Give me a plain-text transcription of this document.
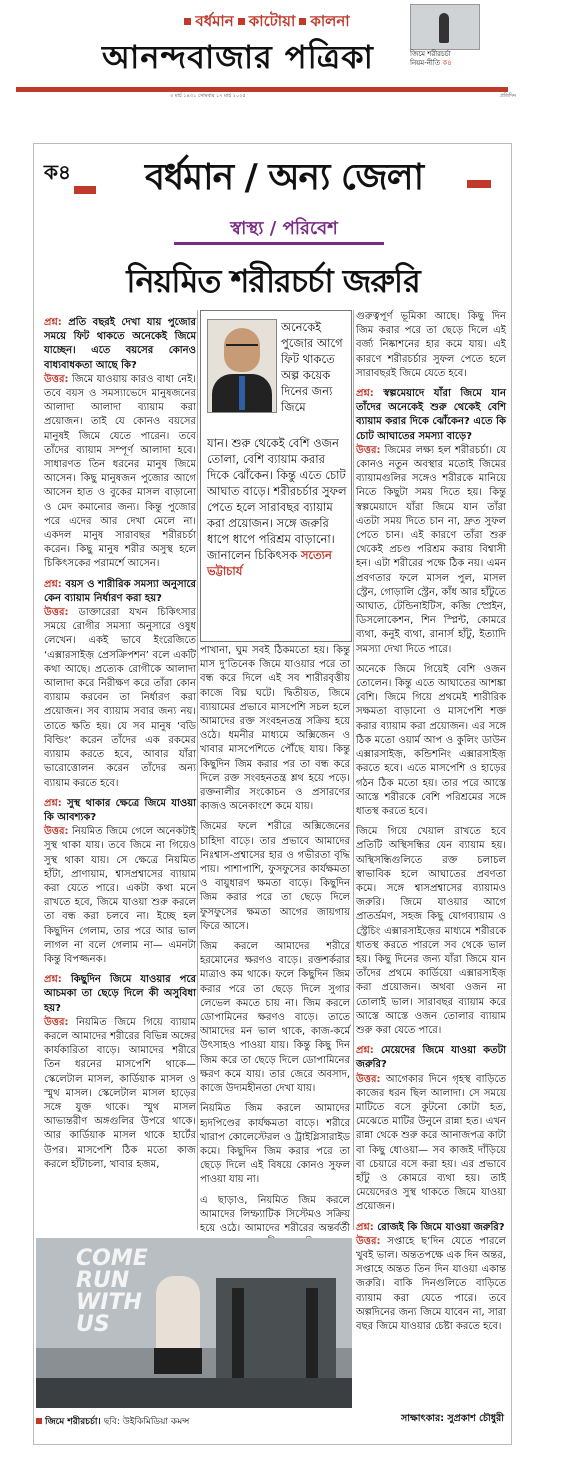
বর্ধমান কাটোয়া কালনা
আনন্দবাজার পত্রিকা	জিমে শরীরচর্চা
নিয়ম-নীতি ক৪
৩ মার্চ ১৪৩১ সোমবার ১৭ মার্চ ২০২৫	প্রতিদিন
ক৪	বর্ধমান / অন্য জেলা
স্বাস্থ্য / পরিবেশ
নিয়মিত শরীরচর্চা জরুরি

প্রশ্ন: প্রতি বছরই দেখা যায় পুজোর সময়ে ফিট থাকতে অনেকেই জিমে যাচ্ছেন। এতে বয়সের কোনও বাধ্যবাধকতা আছে কি?
উত্তর: জিমে যাওয়ায় কারও বাধা নেই। তবে বয়স ও সমস্যাভেদে মানুষজনের আলাদা আলাদা ব্যায়াম করা প্রয়োজন। তাই যে কোনও বয়সের মানুষই জিমে যেতে পারেন। তবে তাঁদের ব্যায়াম সম্পূর্ণ আলাদা হবে। সাধারণত তিন ধরনের মানুষ জিমে আসেন। কিছু মানুষজন পুজোর আগে আসেন হাত ও বুকের মাসল বাড়ানো ও মেদ কমানোর জন্য। কিন্তু পুজোর পরে এদের আর দেখা মেলে না। একদল মানুষ সারাবছর শরীরচর্চা করেন। কিছু মানুষ শরীর অসুস্থ হলে চিকিৎসকের পরামর্শে আসেন।

প্রশ্ন: বয়স ও শারীরিক সমস্যা অনুসারে কেন ব্যায়াম নির্ধারণ করা হয়?
উত্তর: ডাক্তারেরা যখন চিকিৎসার সময়ে রোগীর সমস্যা অনুসারে ওষুধ লেখেন। একই ভাবে ইংরেজিতে ‘এক্সারসাইজ় প্রেসক্রিপশন’ বলে একটি কথা আছে। প্রত্যেক রোগীকে আলাদা আলাদা করে নিরীক্ষণ করে তাঁরা কোন ব্যায়াম করবেন তা নির্ধারণ করা প্রয়োজন। সব ব্যায়াম সবার জন্য নয়। তাতে ক্ষতি হয়। যে সব মানুষ ‘বডি বিল্ডিং’ করেন তাঁদের এক রকমের ব্যায়াম করতে হবে, আবার যাঁরা ভারোত্তোলন করেন তাঁদের অন্য ব্যায়াম করতে হবে।

প্রশ্ন: সুস্থ থাকার ক্ষেত্রে জিমে যাওয়া কি আবশ্যক?
উত্তর: নিয়মিত জিমে গেলে অনেকটাই সুস্থ থাকা যায়। তবে জিমে না গিয়েও সুস্থ থাকা যায়। সে ক্ষেত্রে নিয়মিত হাঁটা, প্রাণায়াম, শ্বাসপ্রশ্বাসের ব্যায়াম করা যেতে পারে। একটা কথা মনে রাখতে হবে, জিমে যাওয়া শুরু করলে তা বন্ধ করা চলবে না। ইচ্ছে হল কিছুদিন গেলাম, তার পরে আর ভাল লাগল না বলে গেলাম না— এমনটা কিন্তু বিপজ্জনক।

প্রশ্ন: কিছুদিন জিমে যাওয়ার পরে আচমকা তা ছেড়ে দিলে কী অসুবিধা হয়?
উত্তর: নিয়মিত জিমে গিয়ে ব্যায়াম করলে আমাদের শরীরের বিভিন্ন অঙ্গের কার্যকারিতা বাড়ে। আমাদের শরীরে তিন ধরনের মাসপেশি থাকে— স্কেলেটাল মাসল, কার্ডিয়াক মাসল ও স্মুথ মাসল। স্কেলেটাল মাসল হাড়ের সঙ্গে যুক্ত থাকে। স্মুথ মাসল আভ্যন্তরীণ অঙ্গগুলির উপরে থাকে। আর কার্ডিয়াক মাসল থাকে হার্টের উপর। মাসপেশি ঠিক মতো কাজ করলে হাঁটাচলা, খাবার হজম,

অনেকেই পুজোর আগে ফিট থাকতে অল্প কয়েক দিনের জন্য জিমে
যান। শুরু থেকেই বেশি ওজন তোলা, বেশি ব্যায়াম করার দিকে ঝোঁকেন। কিন্তু এতে চোট আঘাত বাড়ে। শরীরচর্চার সুফল পেতে হলে সারাবছর ব্যায়াম করা প্রয়োজন। সঙ্গে জরুরি ধাপে ধাপে পরিশ্রম বাড়ানো। জানালেন চিকিৎসক সত্যেন ভট্টাচার্য

পাখানা, ঘুম সবই ঠিকমতো হয়। কিন্তু মাস দু’তিনেক জিমে যাওয়ার পরে তা বন্ধ করে দিলে এই সব শারীরবৃত্তীয় কাজে বিঘ্ন ঘটে। দ্বিতীয়ত, জিমে ব্যায়ামের প্রভাবে মাসপেশি সচল হলে আমাদের রক্ত সংবহনতন্ত্র সক্রিয় হয়ে ওঠে। ধমনীর মাধ্যমে অক্সিজেন ও খাবার মাসপেশিতে পৌঁছে যায়। কিন্তু কিছুদিন জিম করার পর তা বন্ধ করে দিলে রক্ত সংবহনতন্ত্র শ্লথ হয়ে পড়ে। রক্তনালীর সংকোচন ও প্রসারণের কাজও অনেকাংশে কমে যায়।

জিমের ফলে শরীরে অক্সিজেনের চাহিদা বাড়ে। তার প্রভাবে আমাদের নিঃশ্বাস-প্রশ্বাসের হার ও গভীরতা বৃদ্ধি পায়। পাশাপাশি, ফুসফুসের কার্যক্ষমতা ও বায়ুধারণ ক্ষমতা বাড়ে। কিছুদিন জিম করার পরে তা ছেড়ে দিলে ফুসফুসের ক্ষমতা আগের জায়গায় ফিরে আসে।

জিম করলে আমাদের শরীরে হরমোনের ক্ষরণও বাড়ে। রক্তশর্করার মাত্রাও কম থাকে। ফলে কিছুদিন জিম করার পরে তা ছেড়ে দিলে সুগার লেভেল কমতে চায় না। জিম করলে ডোপামিনের ক্ষরণও বাড়ে। তাতে আমাদের মন ভাল থাকে, কাজ-কর্মে উৎসাহও পাওয়া যায়। কিন্তু কিছু দিন জিম করে তা ছেড়ে দিলে ডোপামিনের ক্ষরণ কমে যায়। তার জেরে অবসাদ, কাজে উদ্যমহীনতা দেখা যায়।

নিয়মিত জিম করলে আমাদের হৃদপিণ্ডের কার্যক্ষমতা বাড়ে। শরীরে খারাপ কোলেস্টেরল ও ট্রাইগ্লিসারাইড কমে। কিছুদিন জিম করার পরে তা ছেড়ে দিলে এই বিষয়ে কোনও সুফল পাওয়া যায় না।

এ ছাড়াও, নিয়মিত জিম করলে আমাদের লিম্ফ্যাটিক সিস্টেমও সক্রিয় হয়ে ওঠে। আমাদের শরীরের অন্তর্বর্তী

গুরুত্বপূর্ণ ভূমিকা আছে। কিছু দিন জিম করার পরে তা ছেড়ে দিলে এই বর্জ্য নিষ্কাশনের হার কমে যায়। এই কারণে শরীরচর্চার সুফল পেতে হলে সারাবছরই জিমে যেতে হবে।

প্রশ্ন: স্বল্পমেয়াদে যাঁরা জিমে যান তাঁদের অনেকেই শুরু থেকেই বেশি ব্যায়াম করার দিকে ঝোঁকেন? এতে কি চোট আঘাতের সমস্যা বাড়ে?
উত্তর: জিমের লক্ষ্য হল শরীরচর্চা। যে কোনও নতুন অবস্থার মতোই জিমের ব্যায়ামগুলির সঙ্গেও শরীরকে মানিয়ে নিতে কিছুটা সময় দিতে হয়। কিন্তু স্বল্পমেয়াদে যাঁরা জিমে যান তাঁরা এতটা সময় দিতে চান না, দ্রুত সুফল পেতে চান। এই কারণে তাঁরা শুরু থেকেই প্রচণ্ড পরিশ্রম করায় বিশ্বাসী হন। এটা শরীরের পক্ষে ঠিক নয়। এমন প্রবণতার ফলে মাসল পুল, মাসল স্ট্রেন, গোড়ালি স্ট্রেন, কাঁধ আর হাঁটুতে আঘাত, টেন্ডিনাইটিস, কব্জি স্প্রেইন, ডিসলোকেশন, শিন স্প্লিন্ট, কোমরে ব্যথা, কনুই ব্যথা, রানার্স হাঁটু, ইত্যাদি সমস্যা দেখা দিতে পারে।

অনেকে জিমে গিয়েই বেশি ওজন তোলেন। কিন্তু এতে আঘাতের আশঙ্কা বেশি। জিমে গিয়ে প্রথমেই শারীরিক সক্ষমতা বাড়ানো ও মাসপেশি শক্ত করার ব্যায়াম করা প্রয়োজন। এর সঙ্গে ঠিক মতো ওয়ার্ম আপ ও কুলিং ডাউন এক্সারসাইজ়, কন্ডিশনিং এক্সারসাইজ় করতে হবে। এতে মাসপেশি ও হাড়ের গঠন ঠিক মতো হয়। তার পরে আস্তে আস্তে শরীরকে বেশি পরিশ্রমের সঙ্গে ধাতস্থ করতে হবে।

জিমে গিয়ে খেয়াল রাখতে হবে প্রতিটি অস্থিসন্ধির যেন ব্যায়াম হয়। অস্থিসন্ধিগুলিতে রক্ত চলাচল স্বাভাবিক হলে আঘাতের প্রবণতা কমে। সঙ্গে শ্বাসপ্রশ্বাসের ব্যায়ামও জরুরি। জিমে যাওয়ার আগে প্রাতর্ভ্রমণ, সহজ কিছু যোগব্যায়াম ও স্ট্রেচিং এক্সারসাইজ়ের মাধ্যমে শরীরকে ধাতস্থ করতে পারলে সব থেকে ভাল হয়। কিছু দিনের জন্য যাঁরা জিমে যান তাঁদের প্রথমে কার্ডিয়ো এক্সারসাইজ় করা প্রয়োজন। অথবা ওজন না তোলাই ভাল। সারাবছর ব্যায়াম করে আস্তে আস্তে ওজন তোলার ব্যায়াম শুরু করা যেতে পারে।

প্রশ্ন: মেয়েদের জিমে যাওয়া কতটা জরুরি?
উত্তর: আগেকার দিনে গৃহস্থ বাড়িতে কাজের ধরন ছিল আলাদা। সে সময়ে মাটিতে বসে কুটনো কোটা হত, মেঝেতে মাটির উনুনে রান্না হত। এখন রান্না থেকে শুরু করে আনাজপত্র কাটা বা কিছু ধোওয়া— সব কাজই দাঁড়িয়ে বা চেয়ারে বসে করা হয়। এর প্রভাবে হাঁটু ও কোমরে ব্যথা হয়। তাই মেয়েদেরও সুস্থ থাকতে জিমে যাওয়া প্রয়োজন।

প্রশ্ন: রোজই কি জিমে যাওয়া জরুরি?
উত্তর: সপ্তাহে ছ’দিন যেতে পারলে খুবই ভাল। অন্ততপক্ষে এক দিন অন্তর, সপ্তাহে অন্তত তিন দিন যাওয়া একান্ত জরুরি। বাকি দিনগুলিতে বাড়িতে ব্যায়াম করা যেতে পারে। তবে অল্পদিনের জন্য জিমে যাবেন না, সারা বছর জিমে যাওয়ার চেষ্টা করতে হবে।

COME
RUN
WITH
US
জিমে শরীরচর্চা। ছবি: উইকিমিডিয়া কমন্স	সাক্ষাৎকার: সুপ্রকাশ চৌধুরী
